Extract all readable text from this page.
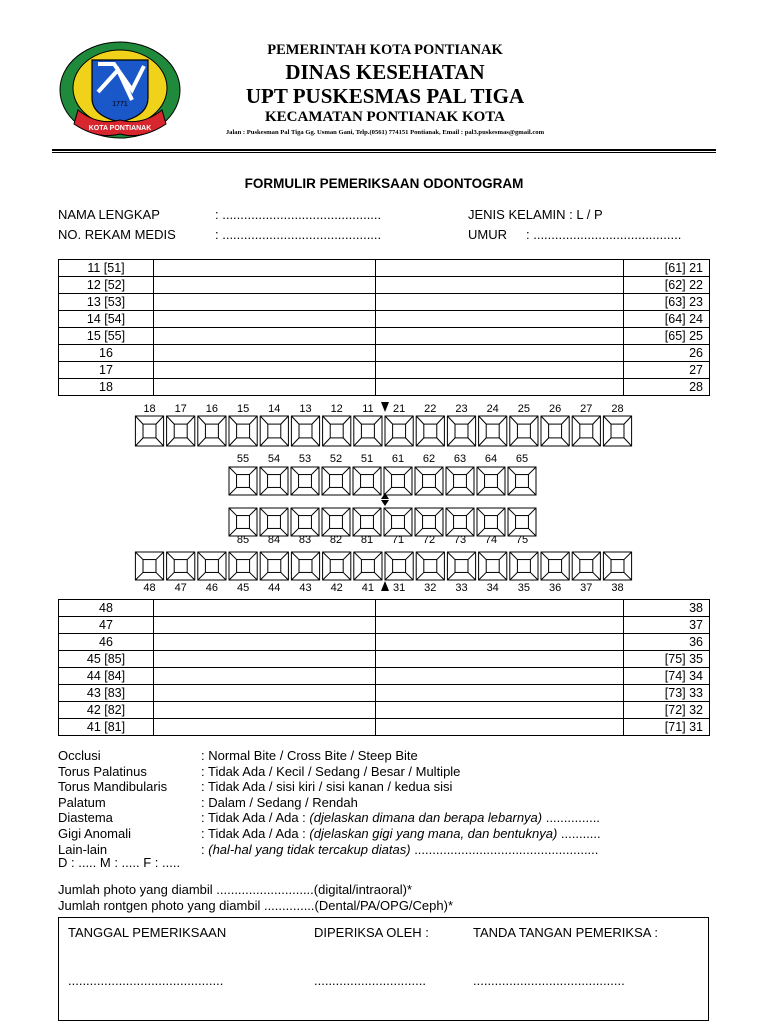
1771
KOTA PONTIANAK
PEMERINTAH KOTA PONTIANAK
DINAS KESEHATAN
UPT PUSKESMAS PAL TIGA
KECAMATAN PONTIANAK KOTA
Jalan : Puskesman Pal Tiga Gg. Usman Gani, Telp.(0561) 774151 Pontianak, Email : pal3.puskesmas@gmail.com
FORMULIR PEMERIKSAAN ODONTOGRAM
NAMA LENGKAP	: ............................................	JENIS KELAMIN : L / P
NO. REKAM MEDIS	: ............................................	UMUR : .........................................
11 [51]			[61] 21
12 [52]			[62] 22
13 [53]			[63] 23
14 [54]			[64] 24
15 [55]			[65] 25
16			26
17			27
18			28
18 17 16 15 14 13 12 11 21 22 23 24 25 26 27 28
55 54 53 52 51 61 62 63 64 65
85 84 83 82 81 71 72 73 74 75
48 47 46 45 44 43 42 41 31 32 33 34 35 36 37 38
48			38
47			37
46			36
45 [85]			[75] 35
44 [84]			[74] 34
43 [83]			[73] 33
42 [82]			[72] 32
41 [81]			[71] 31
Occlusi	: Normal Bite / Cross Bite / Steep Bite
Torus Palatinus	: Tidak Ada / Kecil / Sedang / Besar / Multiple
Torus Mandibularis	: Tidak Ada / sisi kiri / sisi kanan / kedua sisi
Palatum	: Dalam / Sedang / Rendah
Diastema	: Tidak Ada / Ada : (djelaskan dimana dan berapa lebarnya) ...............
Gigi Anomali	: Tidak Ada / Ada : (djelaskan gigi yang mana, dan bentuknya) ...........
Lain-lain	: (hal-hal yang tidak tercakup diatas) ...................................................
D : ..... M : ..... F : .....
Jumlah photo yang diambil ...........................(digital/intraoral)*
Jumlah rontgen photo yang diambil ..............(Dental/PA/OPG/Ceph)*
TANGGAL PEMERIKSAAN	DIPERIKSA OLEH :	TANDA TANGAN PEMERIKSA :
...........................................	...............................	..........................................
